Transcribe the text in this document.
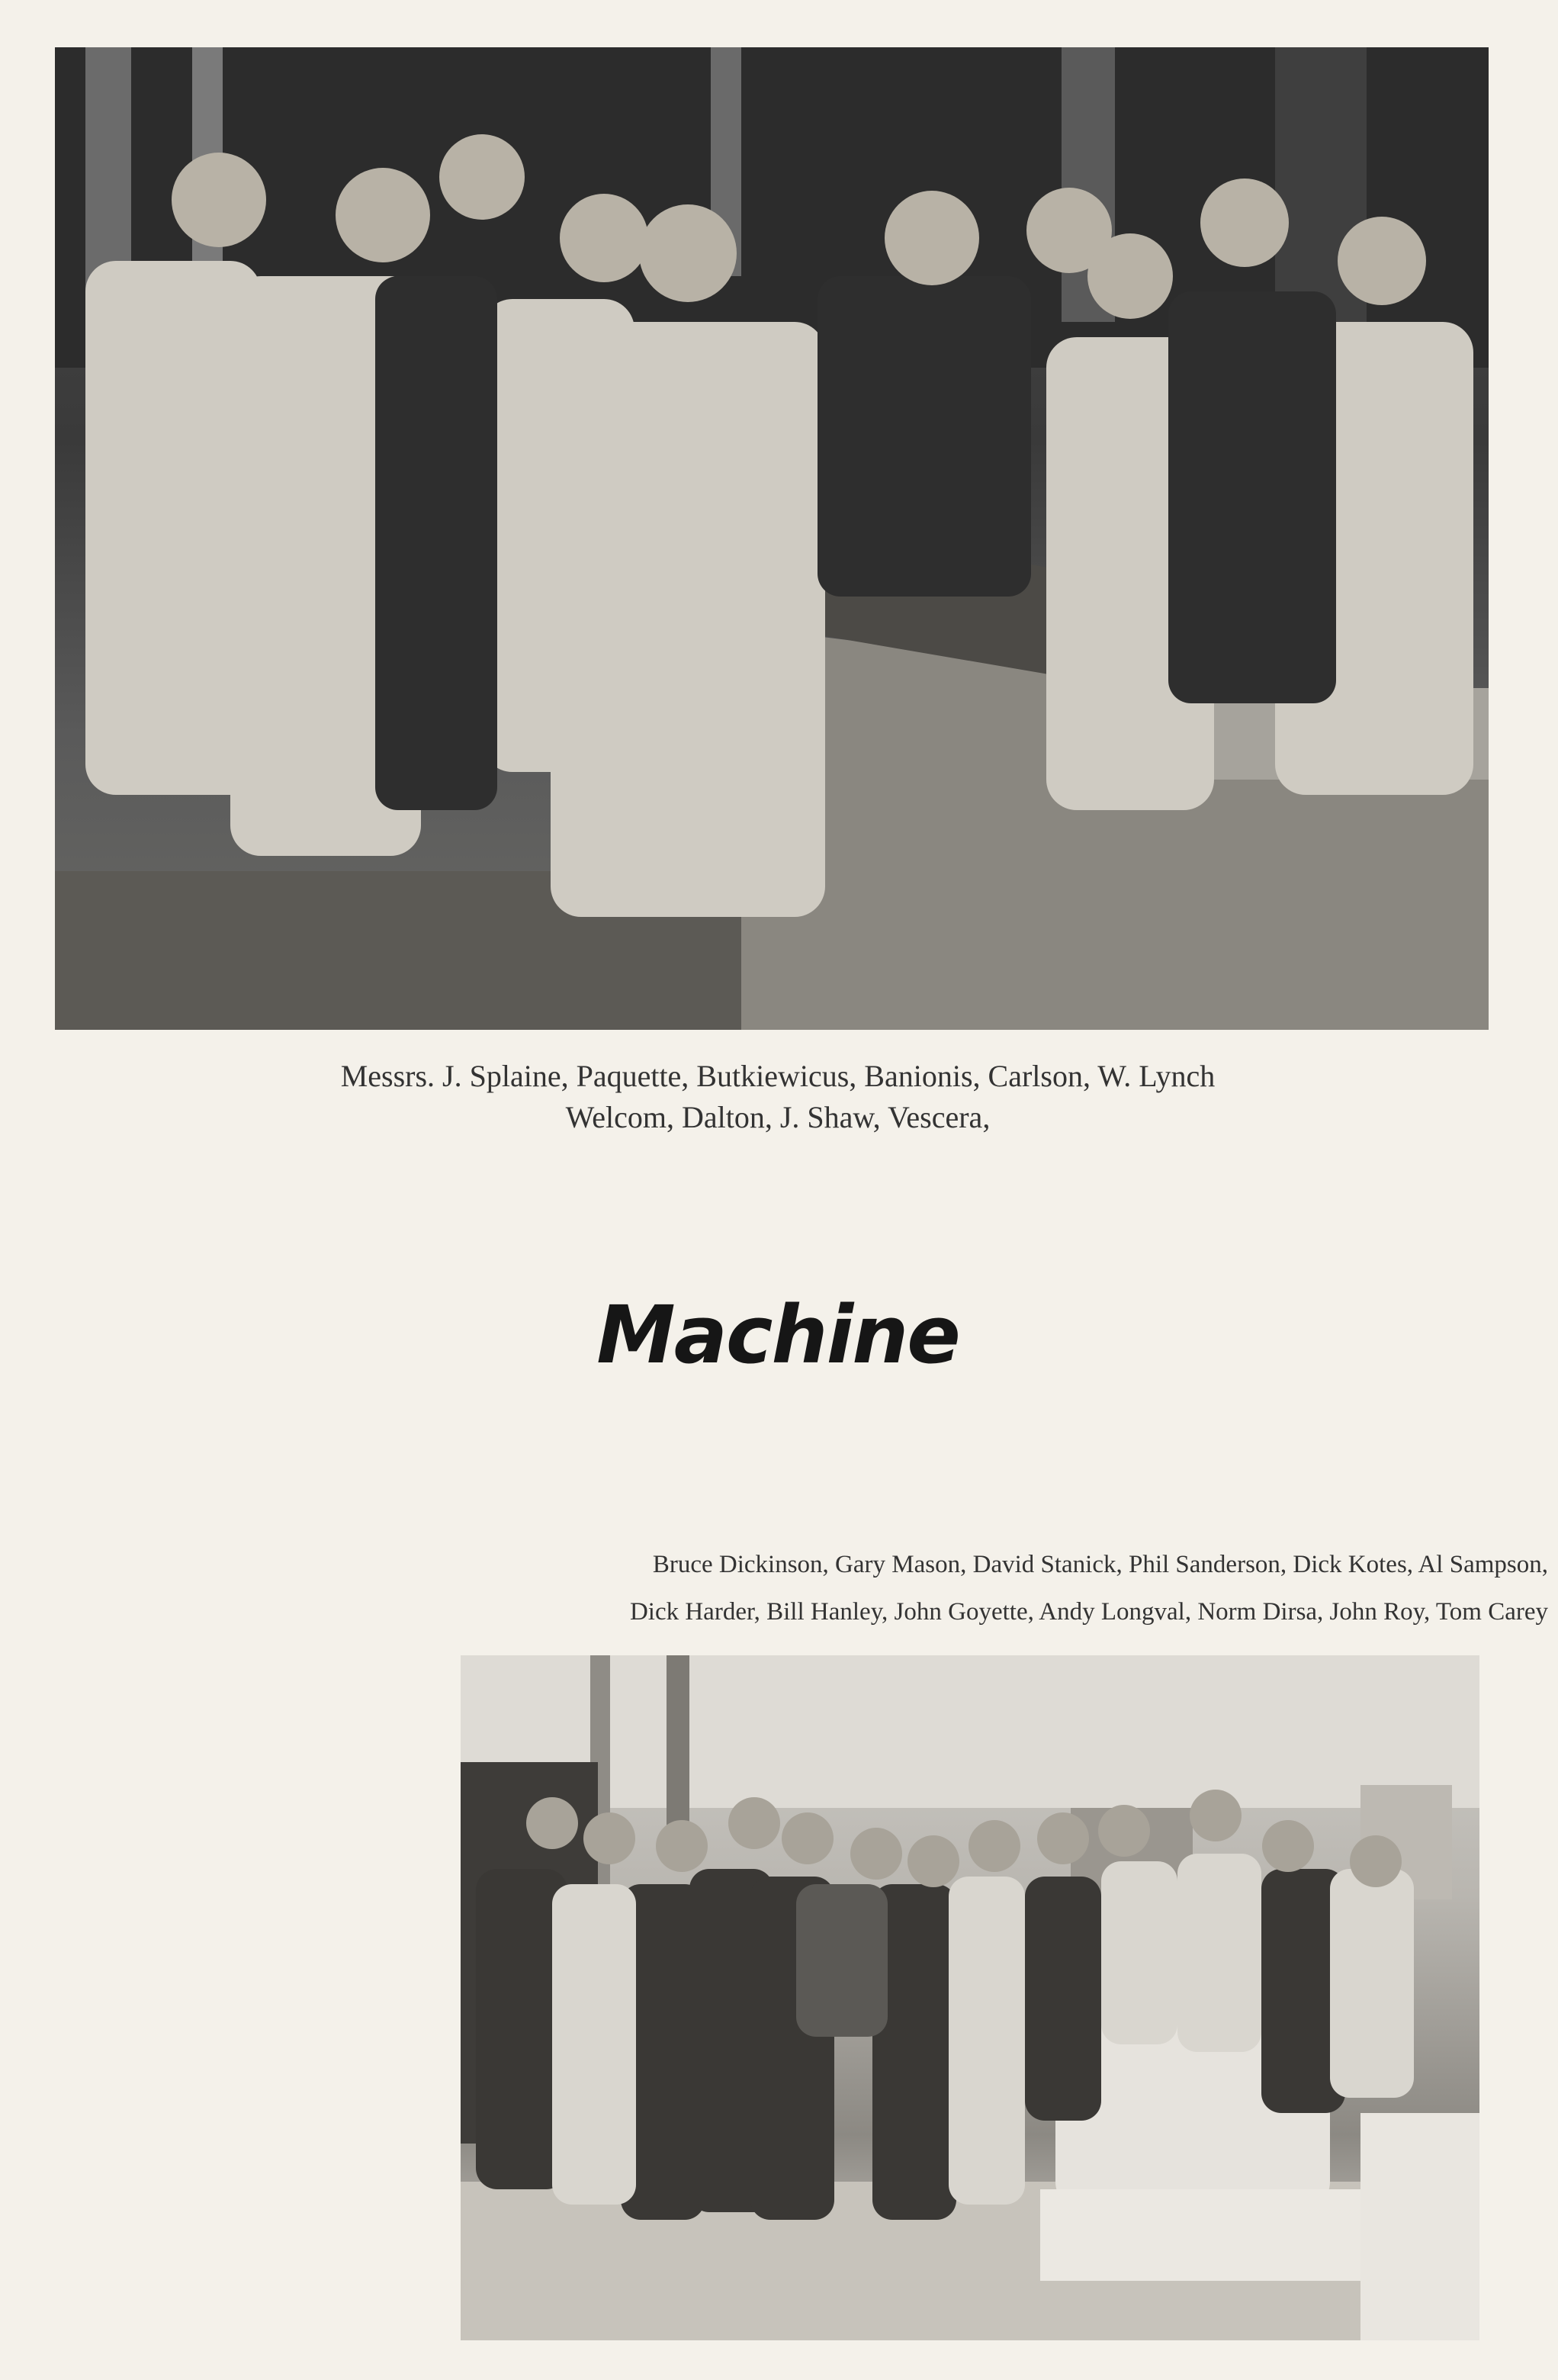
Messrs. J. Splaine, Paquette, Butkiewicus, Banionis, Carlson, W. Lynch
Welcom, Dalton, J. Shaw, Vescera,
Machine
Bruce Dickinson, Gary Mason, David Stanick, Phil Sanderson, Dick Kotes, Al Sampson,
Dick Harder, Bill Hanley, John Goyette, Andy Longval, Norm Dirsa, John Roy, Tom Carey
